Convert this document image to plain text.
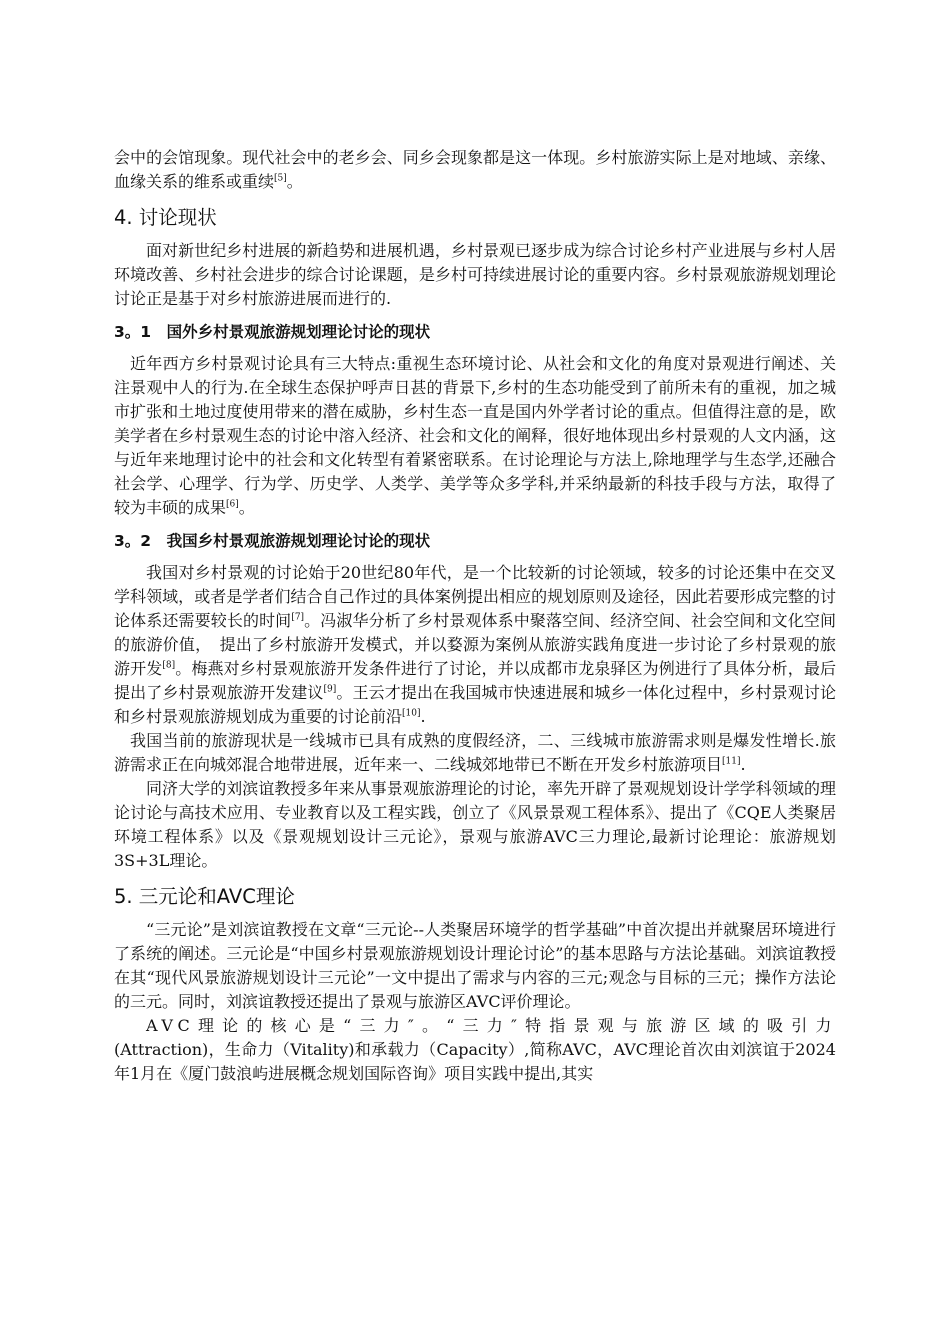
会中的会馆现象。现代社会中的老乡会、同乡会现象都是这一体现。乡村旅游实际上是对地域、亲缘、血缘关系的维系或重续[5]。

4. 讨论现状

面对新世纪乡村进展的新趋势和进展机遇，乡村景观已逐步成为综合讨论乡村产业进展与乡村人居环境改善、乡村社会进步的综合讨论课题，是乡村可持续进展讨论的重要内容。乡村景观旅游规划理论讨论正是基于对乡村旅游进展而进行的.

3。1　国外乡村景观旅游规划理论讨论的现状

近年西方乡村景观讨论具有三大特点:重视生态环境讨论、从社会和文化的角度对景观进行阐述、关注景观中人的行为.在全球生态保护呼声日甚的背景下,乡村的生态功能受到了前所未有的重视，加之城市扩张和土地过度使用带来的潜在威胁，乡村生态一直是国内外学者讨论的重点。但值得注意的是，欧美学者在乡村景观生态的讨论中溶入经济、社会和文化的阐释，很好地体现出乡村景观的人文内涵，这与近年来地理讨论中的社会和文化转型有着紧密联系。在讨论理论与方法上,除地理学与生态学,还融合社会学、心理学、行为学、历史学、人类学、美学等众多学科,并采纳最新的科技手段与方法，取得了较为丰硕的成果[6]。

3。2　我国乡村景观旅游规划理论讨论的现状

我国对乡村景观的讨论始于20世纪80年代，是一个比较新的讨论领域，较多的讨论还集中在交叉学科领域，或者是学者们结合自己作过的具体案例提出相应的规划原则及途径，因此若要形成完整的讨论体系还需要较长的时间[7]。冯淑华分析了乡村景观体系中聚落空间、经济空间、社会空间和文化空间的旅游价值，　提出了乡村旅游开发模式，并以婺源为案例从旅游实践角度进一步讨论了乡村景观的旅游开发[8]。梅燕对乡村景观旅游开发条件进行了讨论，并以成都市龙泉驿区为例进行了具体分析，最后提出了乡村景观旅游开发建议[9]。王云才提出在我国城市快速进展和城乡一体化过程中，乡村景观讨论和乡村景观旅游规划成为重要的讨论前沿[10].

我国当前的旅游现状是一线城市已具有成熟的度假经济，二、三线城市旅游需求则是爆发性增长.旅游需求正在向城郊混合地带进展，近年来一、二线城郊地带已不断在开发乡村旅游项目[11].

同济大学的刘滨谊教授多年来从事景观旅游理论的讨论，率先开辟了景观规划设计学学科领域的理论讨论与高技术应用、专业教育以及工程实践，创立了《风景景观工程体系》、提出了《CQE人类聚居环境工程体系》以及《景观规划设计三元论》，景观与旅游AVC三力理论,最新讨论理论：旅游规划3S+3L理论。

5. 三元论和AVC理论

“三元论”是刘滨谊教授在文章“三元论--人类聚居环境学的哲学基础”中首次提出并就聚居环境进行了系统的阐述。三元论是“中国乡村景观旅游规划设计理论讨论”的基本思路与方法论基础。刘滨谊教授在其“现代风景旅游规划设计三元论”一文中提出了需求与内容的三元;观念与目标的三元；操作方法论的三元。同时，刘滨谊教授还提出了景观与旅游区AVC评价理论。

AVC理论的核心是“三力″。“三力″特指景观与旅游区域的吸引力(Attraction)，生命力（Vitality)和承载力（Capacity）,简称AVC，AVC理论首次由刘滨谊于2024年1月在《厦门鼓浪屿进展概念规划国际咨询》项目实践中提出,其实
